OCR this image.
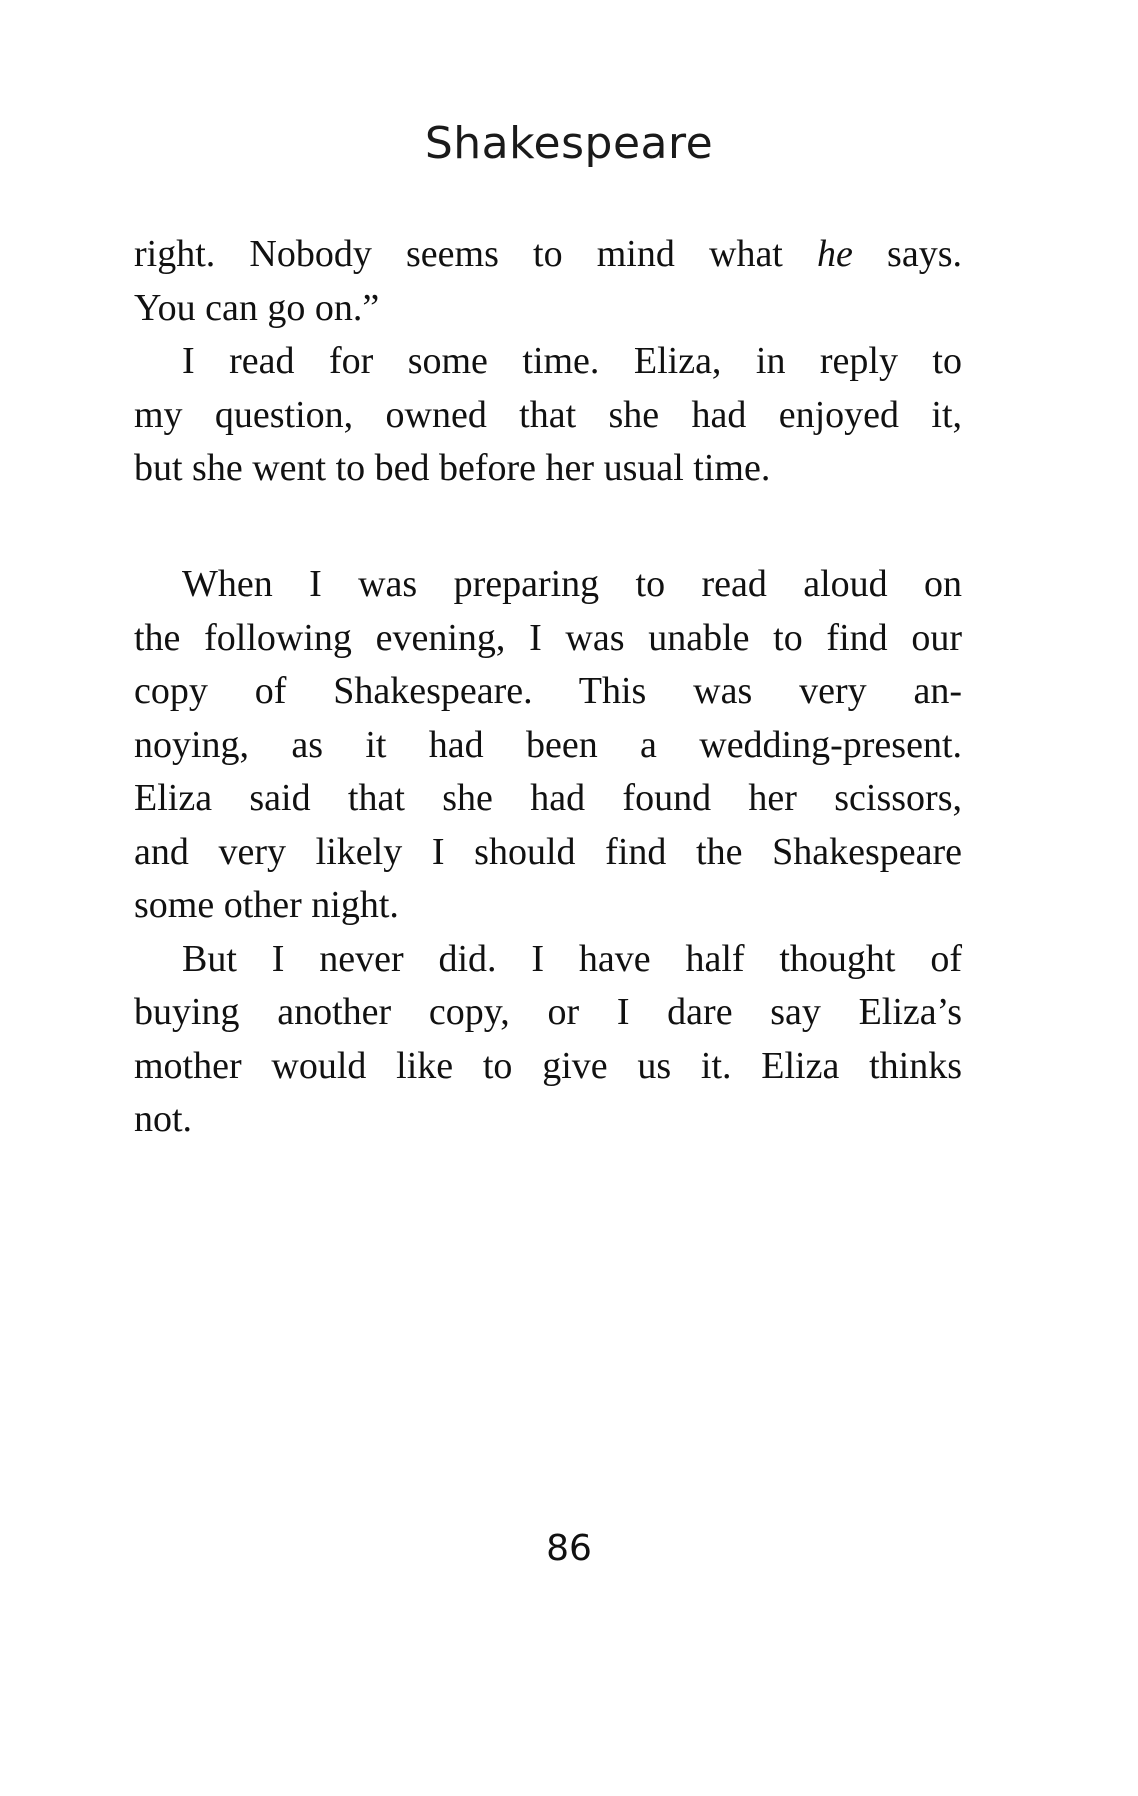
Shakespeare
right. Nobody seems to mind what he says.
You can go on.”
I read for some time. Eliza, in reply to
my question, owned that she had enjoyed it,
but she went to bed before her usual time.
When I was preparing to read aloud on
the following evening, I was unable to find our
copy of Shakespeare. This was very an-
noying, as it had been a wedding-present.
Eliza said that she had found her scissors,
and very likely I should find the Shakespeare
some other night.
But I never did. I have half thought of
buying another copy, or I dare say Eliza’s
mother would like to give us it. Eliza thinks
not.
86
